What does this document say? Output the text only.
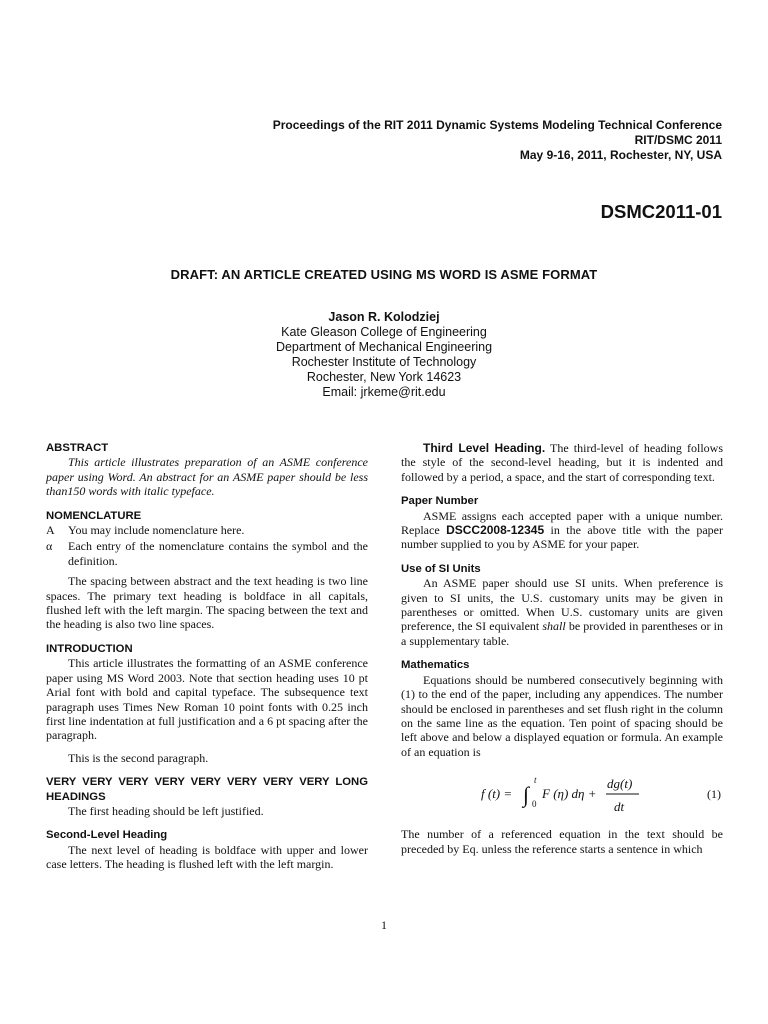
Proceedings of the RIT 2011 Dynamic Systems Modeling Technical Conference
RIT/DSMC 2011
May 9-16, 2011, Rochester, NY, USA
DSMC2011-01
DRAFT: AN ARTICLE CREATED USING MS WORD IS ASME FORMAT
Jason R. Kolodziej
Kate Gleason College of Engineering
Department of Mechanical Engineering
Rochester Institute of Technology
Rochester, New York 14623
Email: jrkeme@rit.edu
ABSTRACT

This article illustrates preparation of an ASME conference paper using Word. An abstract for an ASME paper should be less than150 words with italic typeface.

NOMENCLATURE
A	You may include nomenclature here.
α	Each entry of the nomenclature contains the symbol and the definition.

The spacing between abstract and the text heading is two line spaces. The primary text heading is boldface in all capitals, flushed left with the left margin. The spacing between the text and the heading is also two line spaces.

INTRODUCTION

This article illustrates the formatting of an ASME conference paper using MS Word 2003. Note that section heading uses 10 pt Arial font with bold and capital typeface. The subsequence text paragraph uses Times New Roman 10 point fonts with 0.25 inch first line indentation at full justification and a 6 pt spacing after the paragraph.

This is the second paragraph.

VERY VERY VERY VERY VERY VERY VERY VERY LONG HEADINGS

The first heading should be left justified.

Second-Level Heading

The next level of heading is boldface with upper and lower case letters. The heading is flushed left with the left margin.

Third Level Heading. The third-level of heading follows the style of the second-level heading, but it is indented and followed by a period, a space, and the start of corresponding text.

Paper Number

ASME assigns each accepted paper with a unique number. Replace DSCC2008-12345 in the above title with the paper number supplied to you by ASME for your paper.

Use of SI Units

An ASME paper should use SI units. When preference is given to SI units, the U.S. customary units may be given in parentheses or omitted. When U.S. customary units are given preference, the SI equivalent shall be provided in parentheses or in a supplementary table.

Mathematics

Equations should be numbered consecutively beginning with (1) to the end of the paper, including any appendices. The number should be enclosed in parentheses and set flush right in the column on the same line as the equation. Ten point of spacing should be left above and below a displayed equation or formula. An example of an equation is

f (t) = ∫
t
0
F (η) dη +
dg(t)
dt
(1)

The number of a referenced equation in the text should be preceded by Eq. unless the reference starts a sentence in which

1
